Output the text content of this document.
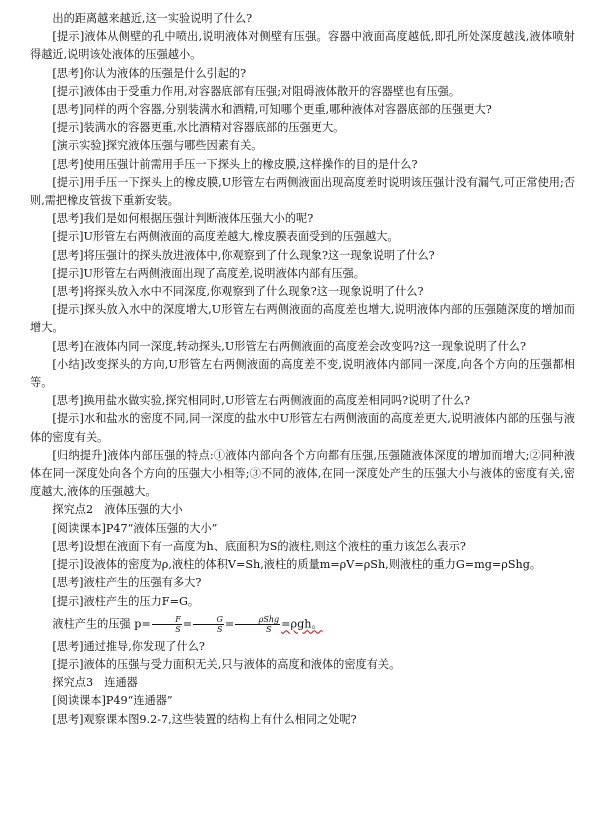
出的距离越来越近,这一实验说明了什么?

[提示]液体从侧壁的孔中喷出,说明液体对侧壁有压强。容器中液面高度越低,即孔所处深度越浅,液体喷射得越近,说明该处液体的压强越小。

[思考]你认为液体的压强是什么引起的?

[提示]液体由于受重力作用,对容器底部有压强;对阻碍液体散开的容器壁也有压强。

[思考]同样的两个容器,分别装满水和酒精,可知哪个更重,哪种液体对容器底部的压强更大?

[提示]装满水的容器更重,水比酒精对容器底部的压强更大。

[演示实验]探究液体压强与哪些因素有关。

[思考]使用压强计前需用手压一下探头上的橡皮膜,这样操作的目的是什么?

[提示]用手压一下探头上的橡皮膜,U形管左右两侧液面出现高度差时说明该压强计没有漏气,可正常使用;否则,需把橡皮管拔下重新安装。

[思考]我们是如何根据压强计判断液体压强大小的呢?

[提示]U形管左右两侧液面的高度差越大,橡皮膜表面受到的压强越大。

[思考]将压强计的探头放进液体中,你观察到了什么现象?这一现象说明了什么?

[提示]U形管左右两侧液面出现了高度差,说明液体内部有压强。

[思考]将探头放入水中不同深度,你观察到了什么现象?这一现象说明了什么?

[提示]探头放入水中的深度增大,U形管左右两侧液面的高度差也增大,说明液体内部的压强随深度的增加而增大。

[思考]在液体内同一深度,转动探头,U形管左右两侧液面的高度差会改变吗?这一现象说明了什么?

[小结]改变探头的方向,U形管左右两侧液面的高度差不变,说明液体内部同一深度,向各个方向的压强都相等。

[思考]换用盐水做实验,探究相同时,U形管左右两侧液面的高度差相同吗?说明了什么?

[提示]水和盐水的密度不同,同一深度的盐水中U形管左右两侧液面的高度差更大,说明液体内部的压强与液体的密度有关。

[归纳提升]液体内部压强的特点:①液体内部向各个方向都有压强,压强随液体深度的增加而增大;②同种液体在同一深度处向各个方向的压强大小相等;③不同的液体,在同一深度处产生的压强大小与液体的密度有关,密度越大,液体的压强越大。

探究点2　液体压强的大小

[阅读课本]P47“液体压强的大小”

[思考]设想在液面下有一高度为h、底面积为S的液柱,则这个液柱的重力该怎么表示?

[提示]设液体的密度为ρ,液柱的体积V=Sh,液柱的质量m=ρV=ρSh,则液柱的重力G=mg=ρShg。

[思考]液柱产生的压强有多大?

[提示]液柱产生的压力F=G。

液柱产生的压强 $p= \frac{F}{S} = \frac{G}{S} = \frac{\text{ρShg}}{S} =\rho gh$。

[思考]通过推导,你发现了什么?

[提示]液体的压强与受力面积无关,只与液体的高度和液体的密度有关。

探究点3　连通器

[阅读课本]P49“连通器”

[思考]观察课本图9.2-7,这些装置的结构上有什么相同之处呢?
